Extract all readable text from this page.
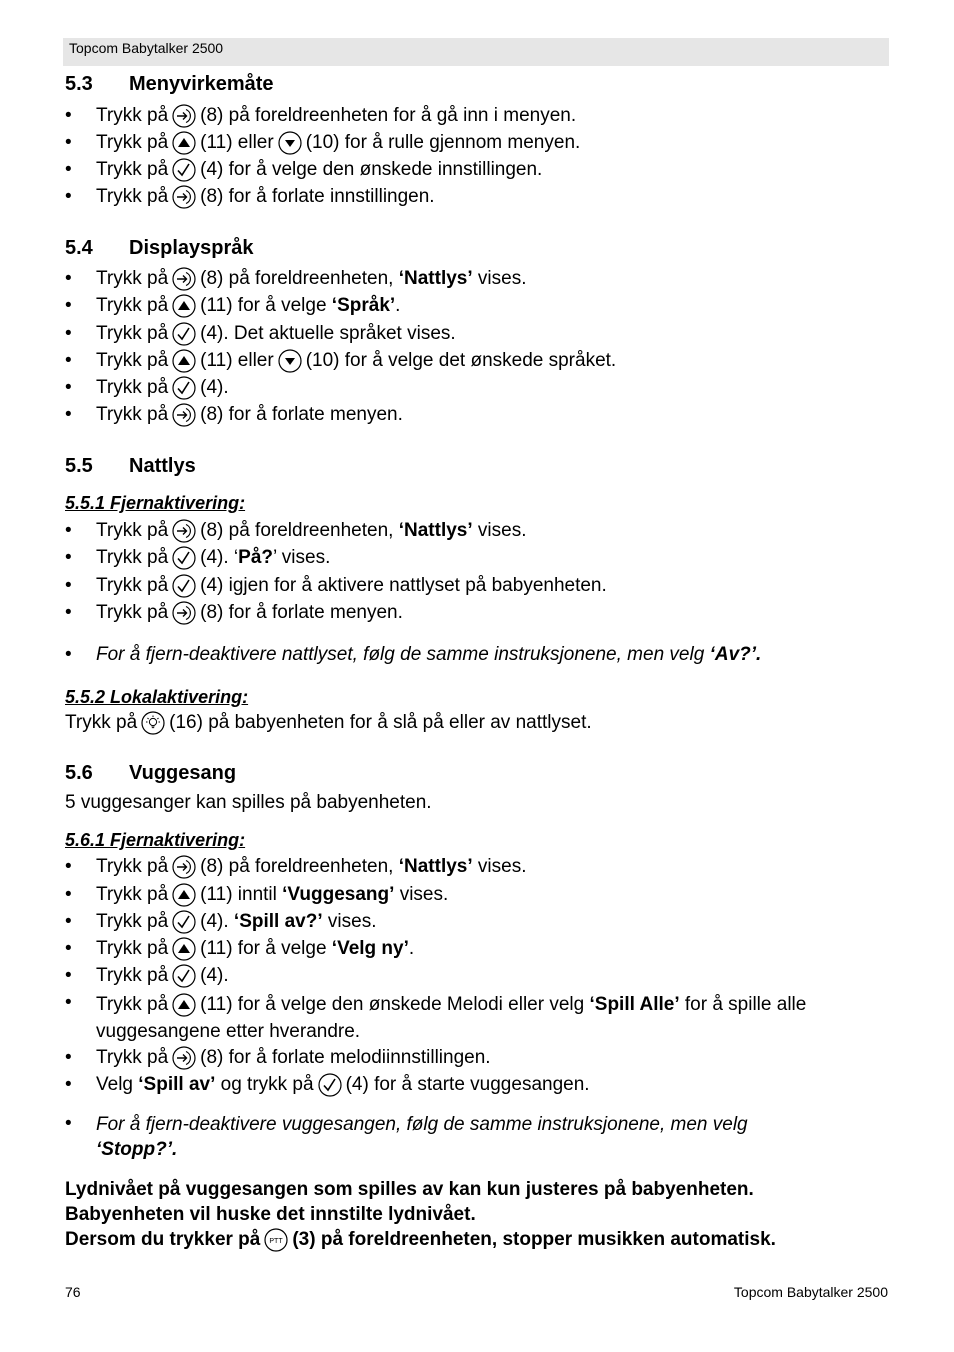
Topcom Babytalker 2500
5.3 Menyvirkemåte
Trykk på (8) på foreldreenheten for å gå inn i menyen.
Trykk på (11) eller (10) for å rulle gjennom menyen.
Trykk på (4) for å velge den ønskede innstillingen.
Trykk på (8) for å forlate innstillingen.
5.4 Displayspråk
Trykk på (8) på foreldreenheten, ‘Nattlys’ vises.
Trykk på (11) for å velge ‘Språk’.
Trykk på (4). Det aktuelle språket vises.
Trykk på (11) eller (10) for å velge det ønskede språket.
Trykk på (4).
Trykk på (8) for å forlate menyen.
5.5 Nattlys
5.5.1 Fjernaktivering:
Trykk på (8) på foreldreenheten, ‘Nattlys’ vises.
Trykk på (4). ‘På?’ vises.
Trykk på (4) igjen for å aktivere nattlyset på babyenheten.
Trykk på (8) for å forlate menyen.
For å fjern-deaktivere nattlyset, følg de samme instruksjonene, men velg ‘Av?’.
5.5.2 Lokalaktivering:
Trykk på (16) på babyenheten for å slå på eller av nattlyset.
5.6 Vuggesang
5 vuggesanger kan spilles på babyenheten.
5.6.1 Fjernaktivering:
Trykk på (8) på foreldreenheten, ‘Nattlys’ vises.
Trykk på (11) inntil ‘Vuggesang’ vises.
Trykk på (4). ‘Spill av?’ vises.
Trykk på (11) for å velge ‘Velg ny’.
Trykk på (4).
Trykk på (11) for å velge den ønskede Melodi eller velg ‘Spill Alle’ for å spille alle vuggesangene etter hverandre.
Trykk på (8) for å forlate melodiinnstillingen.
Velg ‘Spill av’ og trykk på (4) for å starte vuggesangen.
For å fjern-deaktivere vuggesangen, følg de samme instruksjonene, men velg
‘Stopp?’.
Lydnivået på vuggesangen som spilles av kan kun justeres på babyenheten.
Babyenheten vil huske det innstilte lydnivået.
Dersom du trykker på PTT (3) på foreldreenheten, stopper musikken automatisk.
76	Topcom Babytalker 2500
